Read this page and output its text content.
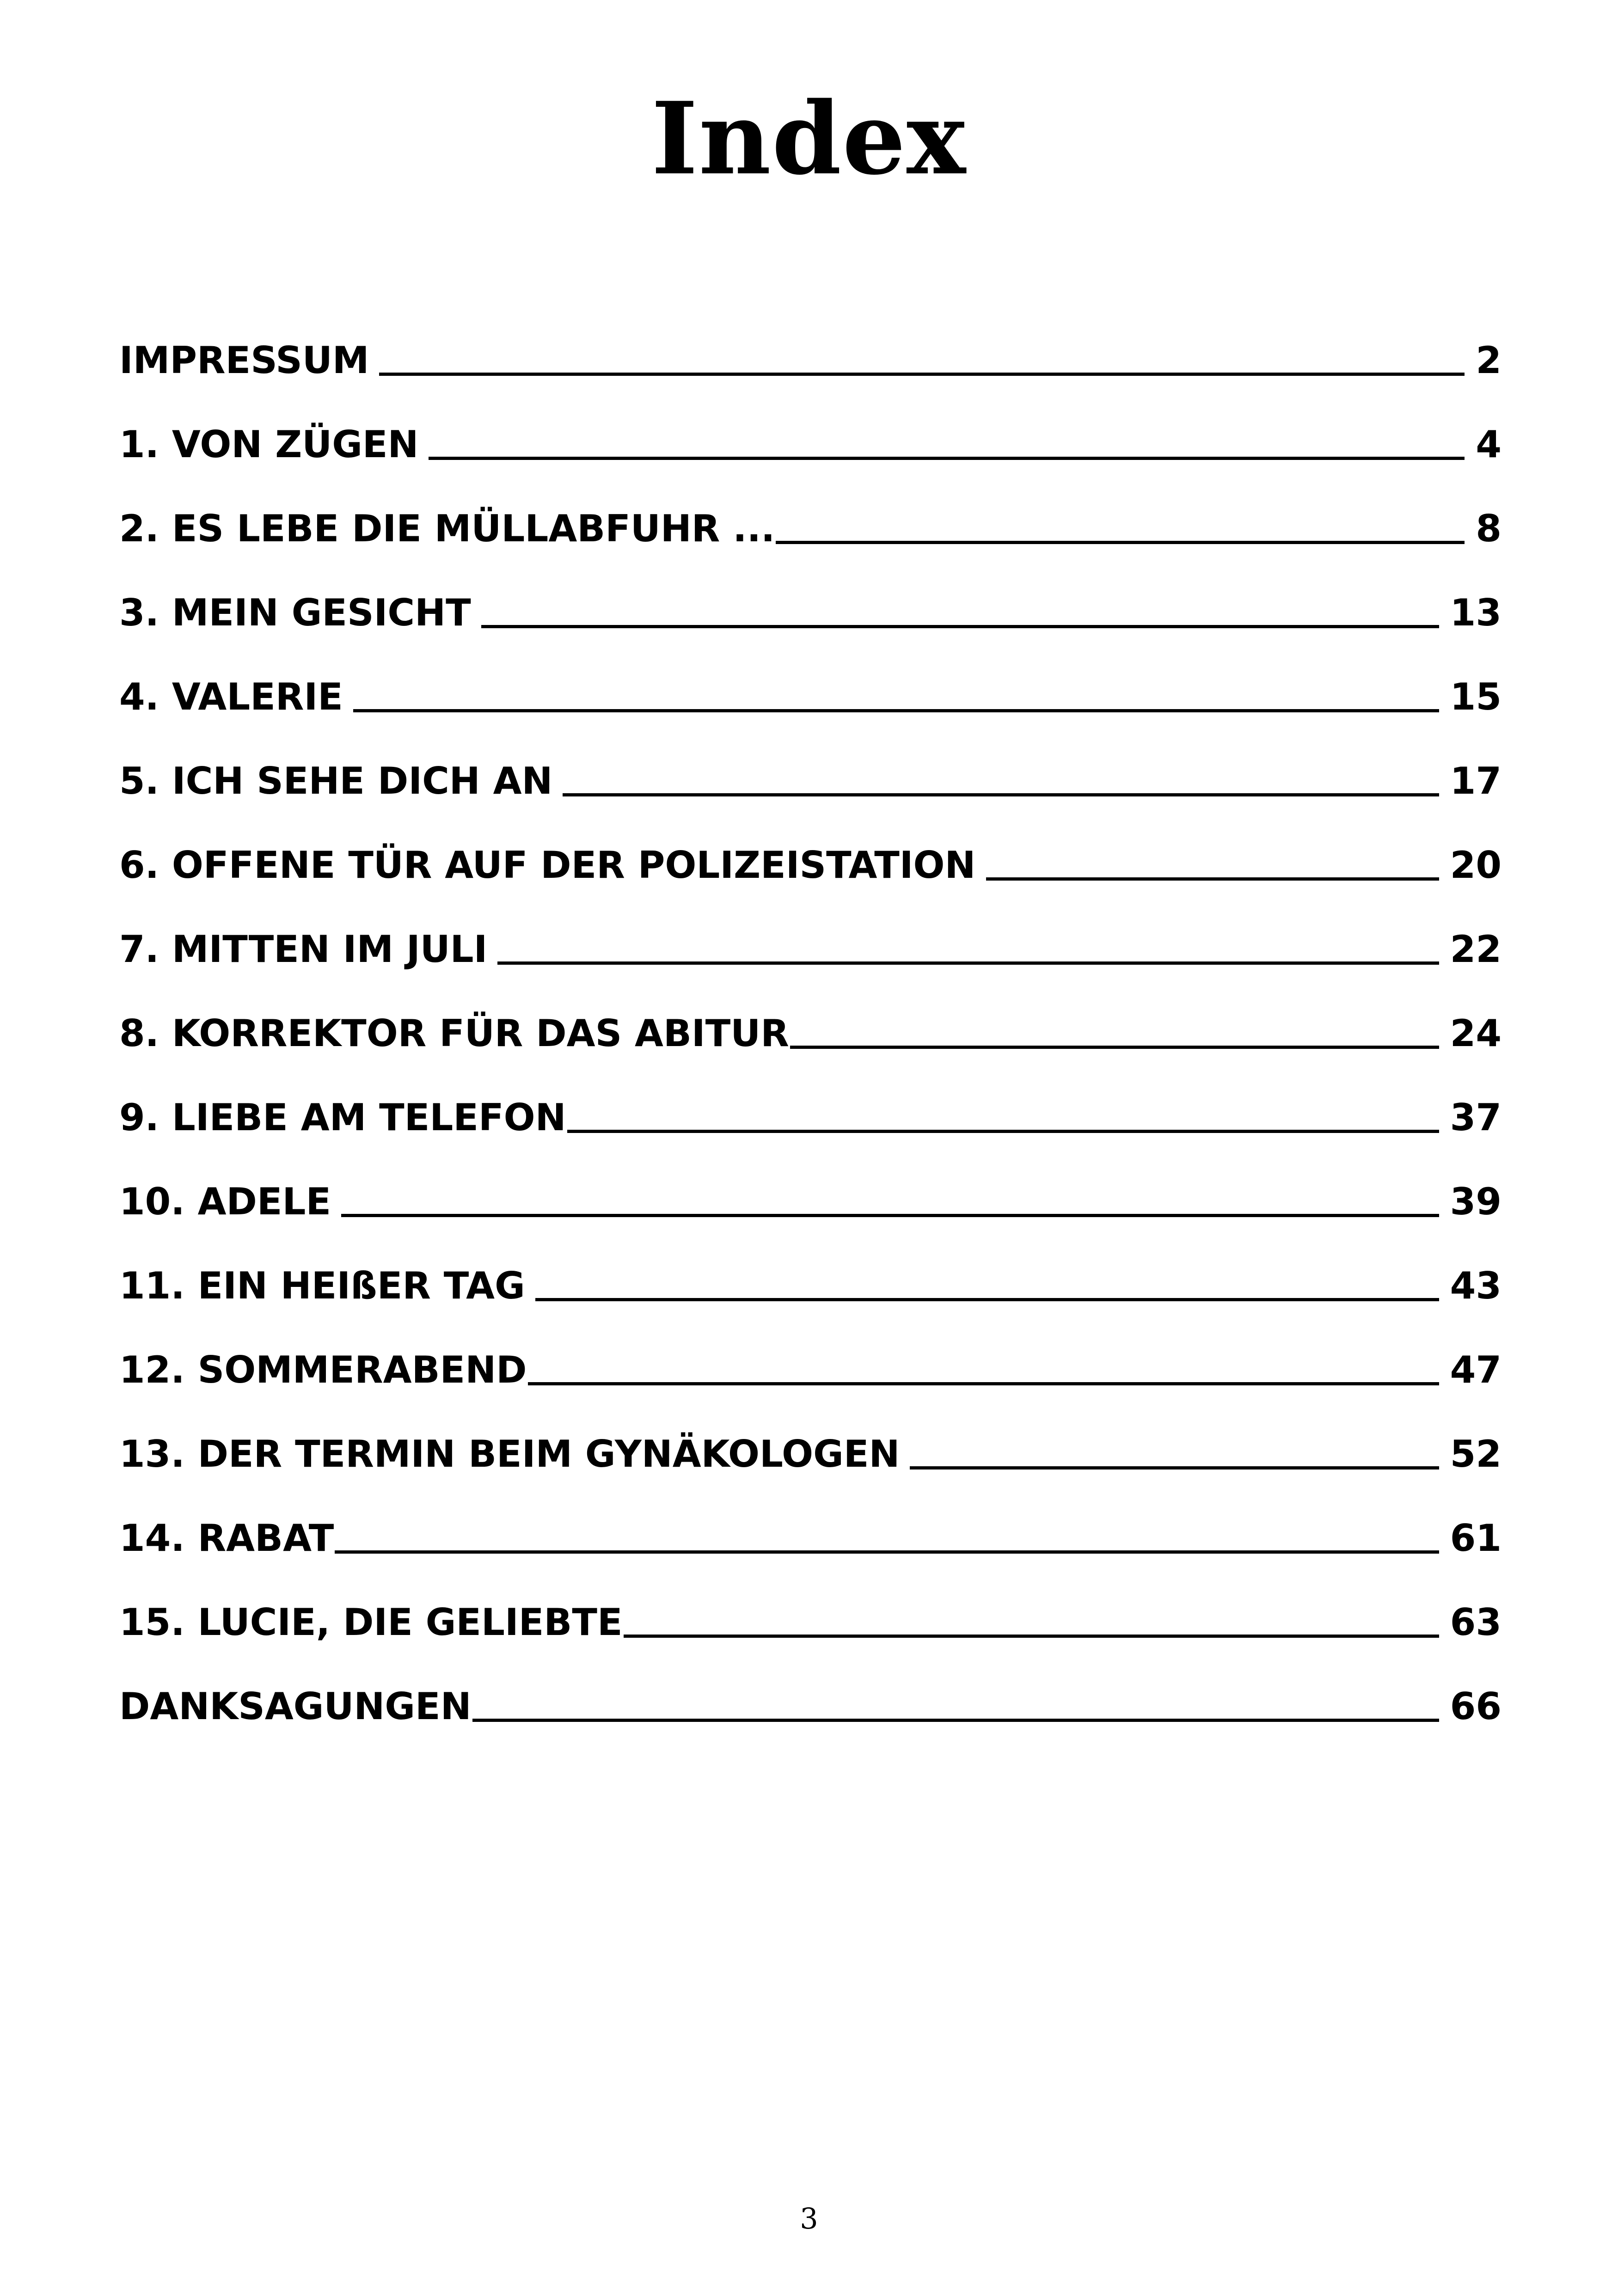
Index
IMPRESSUM	2
1. VON ZÜGEN	4
2. ES LEBE DIE MÜLLABFUHR ...	8
3. MEIN GESICHT	13
4. VALERIE	15
5. ICH SEHE DICH AN	17
6. OFFENE TÜR AUF DER POLIZEISTATION	20
7. MITTEN IM JULI	22
8. KORREKTOR FÜR DAS ABITUR	24
9. LIEBE AM TELEFON	37
10. ADELE	39
11. EIN HEIßER TAG	43
12. SOMMERABEND	47
13. DER TERMIN BEIM GYNÄKOLOGEN	52
14. RABAT	61
15. LUCIE, DIE GELIEBTE	63
DANKSAGUNGEN	66
3
